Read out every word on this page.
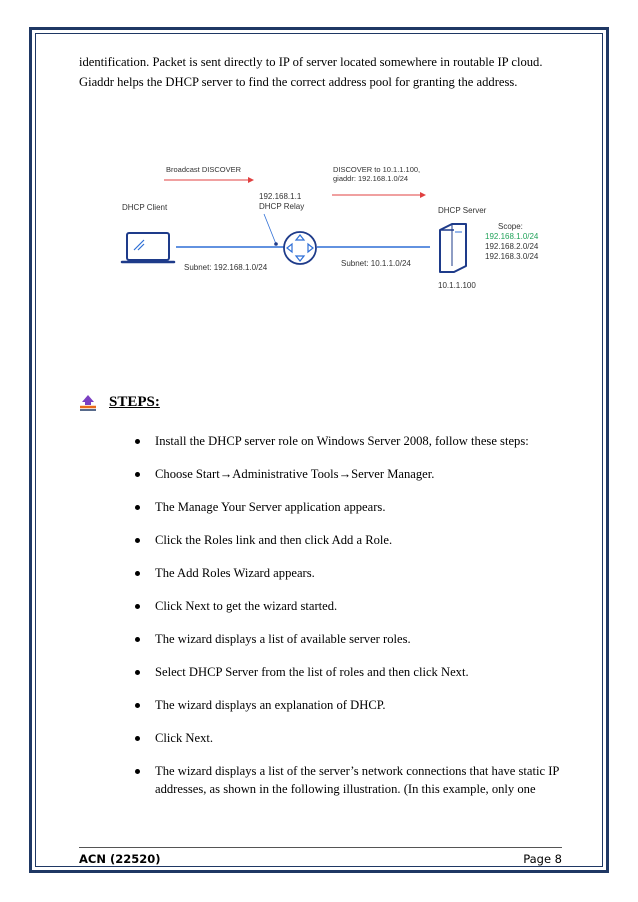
identification. Packet is sent directly to IP of server located somewhere in routable IP cloud. Giaddr helps the DHCP server to find the correct address pool for granting the address.

Broadcast DISCOVER	DISCOVER to 10.1.1.100,
giaddr: 192.168.1.0/24
DHCP Client
Subnet: 192.168.1.0/24
192.168.1.1
DHCP Relay
Subnet: 10.1.1.0/24
DHCP Server
10.1.1.100
Scope:
192.168.1.0/24
192.168.2.0/24
192.168.3.0/24
STEPS:
Install the DHCP server role on Windows Server 2008, follow these steps:
Choose Start→Administrative Tools→Server Manager.
The Manage Your Server application appears.
Click the Roles link and then click Add a Role.
The Add Roles Wizard appears.
Click Next to get the wizard started.
The wizard displays a list of available server roles.
Select DHCP Server from the list of roles and then click Next.
The wizard displays an explanation of DHCP.
Click Next.
The wizard displays a list of the server’s network connections that have static IP addresses, as shown in the following illustration. (In this example, only one
ACN (22520)	Page 8
